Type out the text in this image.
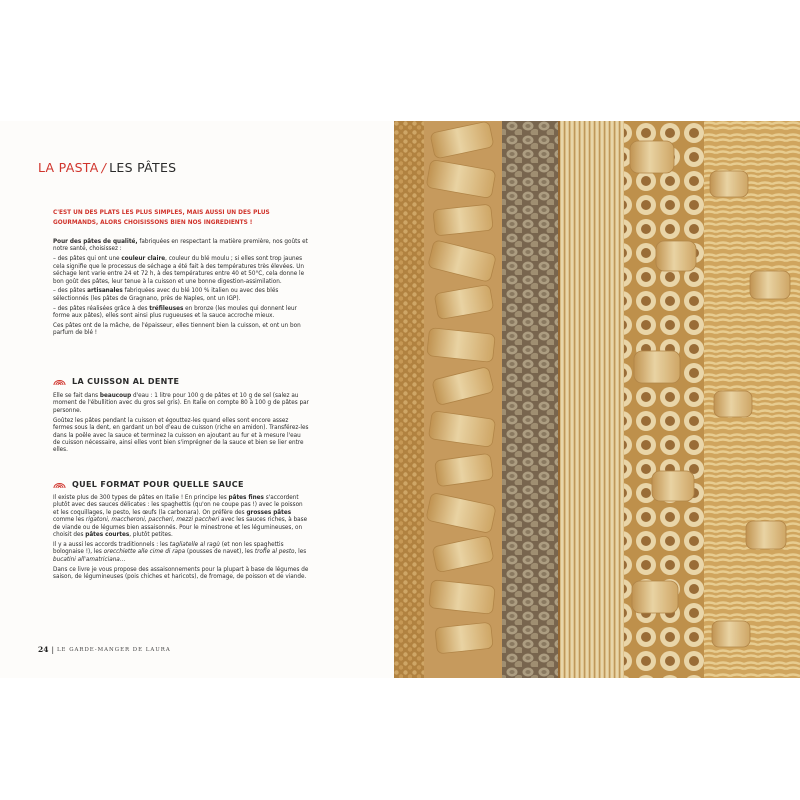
LA PASTA / LES PÂTES

C'EST UN DES PLATS LES PLUS SIMPLES, MAIS AUSSI UN DES PLUS GOURMANDS, ALORS CHOISISSONS BIEN NOS INGREDIENTS !

Pour des pâtes de qualité, fabriquées en respectant la matière première, nos goûts et notre santé, choisissez :

– des pâtes qui ont une couleur claire, couleur du blé moulu ; si elles sont trop jaunes cela signifie que le processus de séchage a été fait à des températures très élevées. Un séchage lent varie entre 24 et 72 h, à des températures entre 40 et 50°C, cela donne le bon goût des pâtes, leur tenue à la cuisson et une bonne digestion-assimilation.

– des pâtes artisanales fabriquées avec du blé 100 % italien ou avec des blés sélectionnés (les pâtes de Gragnano, près de Naples, ont un IGP).

– des pâtes réalisées grâce à des tréfileuses en bronze (les moules qui donnent leur forme aux pâtes), elles sont ainsi plus rugueuses et la sauce accroche mieux.

Ces pâtes ont de la mâche, de l'épaisseur, elles tiennent bien la cuisson, et ont un bon parfum de blé !

LA CUISSON AL DENTE

Elle se fait dans beaucoup d'eau : 1 litre pour 100 g de pâtes et 10 g de sel (salez au moment de l'ébullition avec du gros sel gris). En Italie on compte 80 à 100 g de pâtes par personne.

Goûtez les pâtes pendant la cuisson et égouttez-les quand elles sont encore assez fermes sous la dent, en gardant un bol d'eau de cuisson (riche en amidon). Transférez-les dans la poêle avec la sauce et terminez la cuisson en ajoutant au fur et à mesure l'eau de cuisson nécessaire, ainsi elles vont bien s'imprégner de la sauce et bien se lier entre elles.

QUEL FORMAT POUR QUELLE SAUCE

Il existe plus de 300 types de pâtes en Italie ! En principe les pâtes fines s'accordent plutôt avec des sauces délicates : les spaghettis (qu'on ne coupe pas !) avec le poisson et les coquillages, le pesto, les œufs (la carbonara). On préfère des grosses pâtes comme les rigatoni, maccheroni, paccheri, mezzi paccheri avec les sauces riches, à base de viande ou de légumes bien assaisonnés. Pour le minestrone et les légumineuses, on choisit des pâtes courtes, plutôt petites.

Il y a aussi les accords traditionnels : les tagliatelle al ragù (et non les spaghettis bolognaise !), les orecchiette alle cime di rapa (pousses de navet), les trofie al pesto, les bucatini all'amatriciana...

Dans ce livre je vous propose des assaisonnements pour la plupart à base de légumes de saison, de légumineuses (pois chiches et haricots), de fromage, de poisson et de viande.

24 | LE GARDE-MANGER DE LAURA
